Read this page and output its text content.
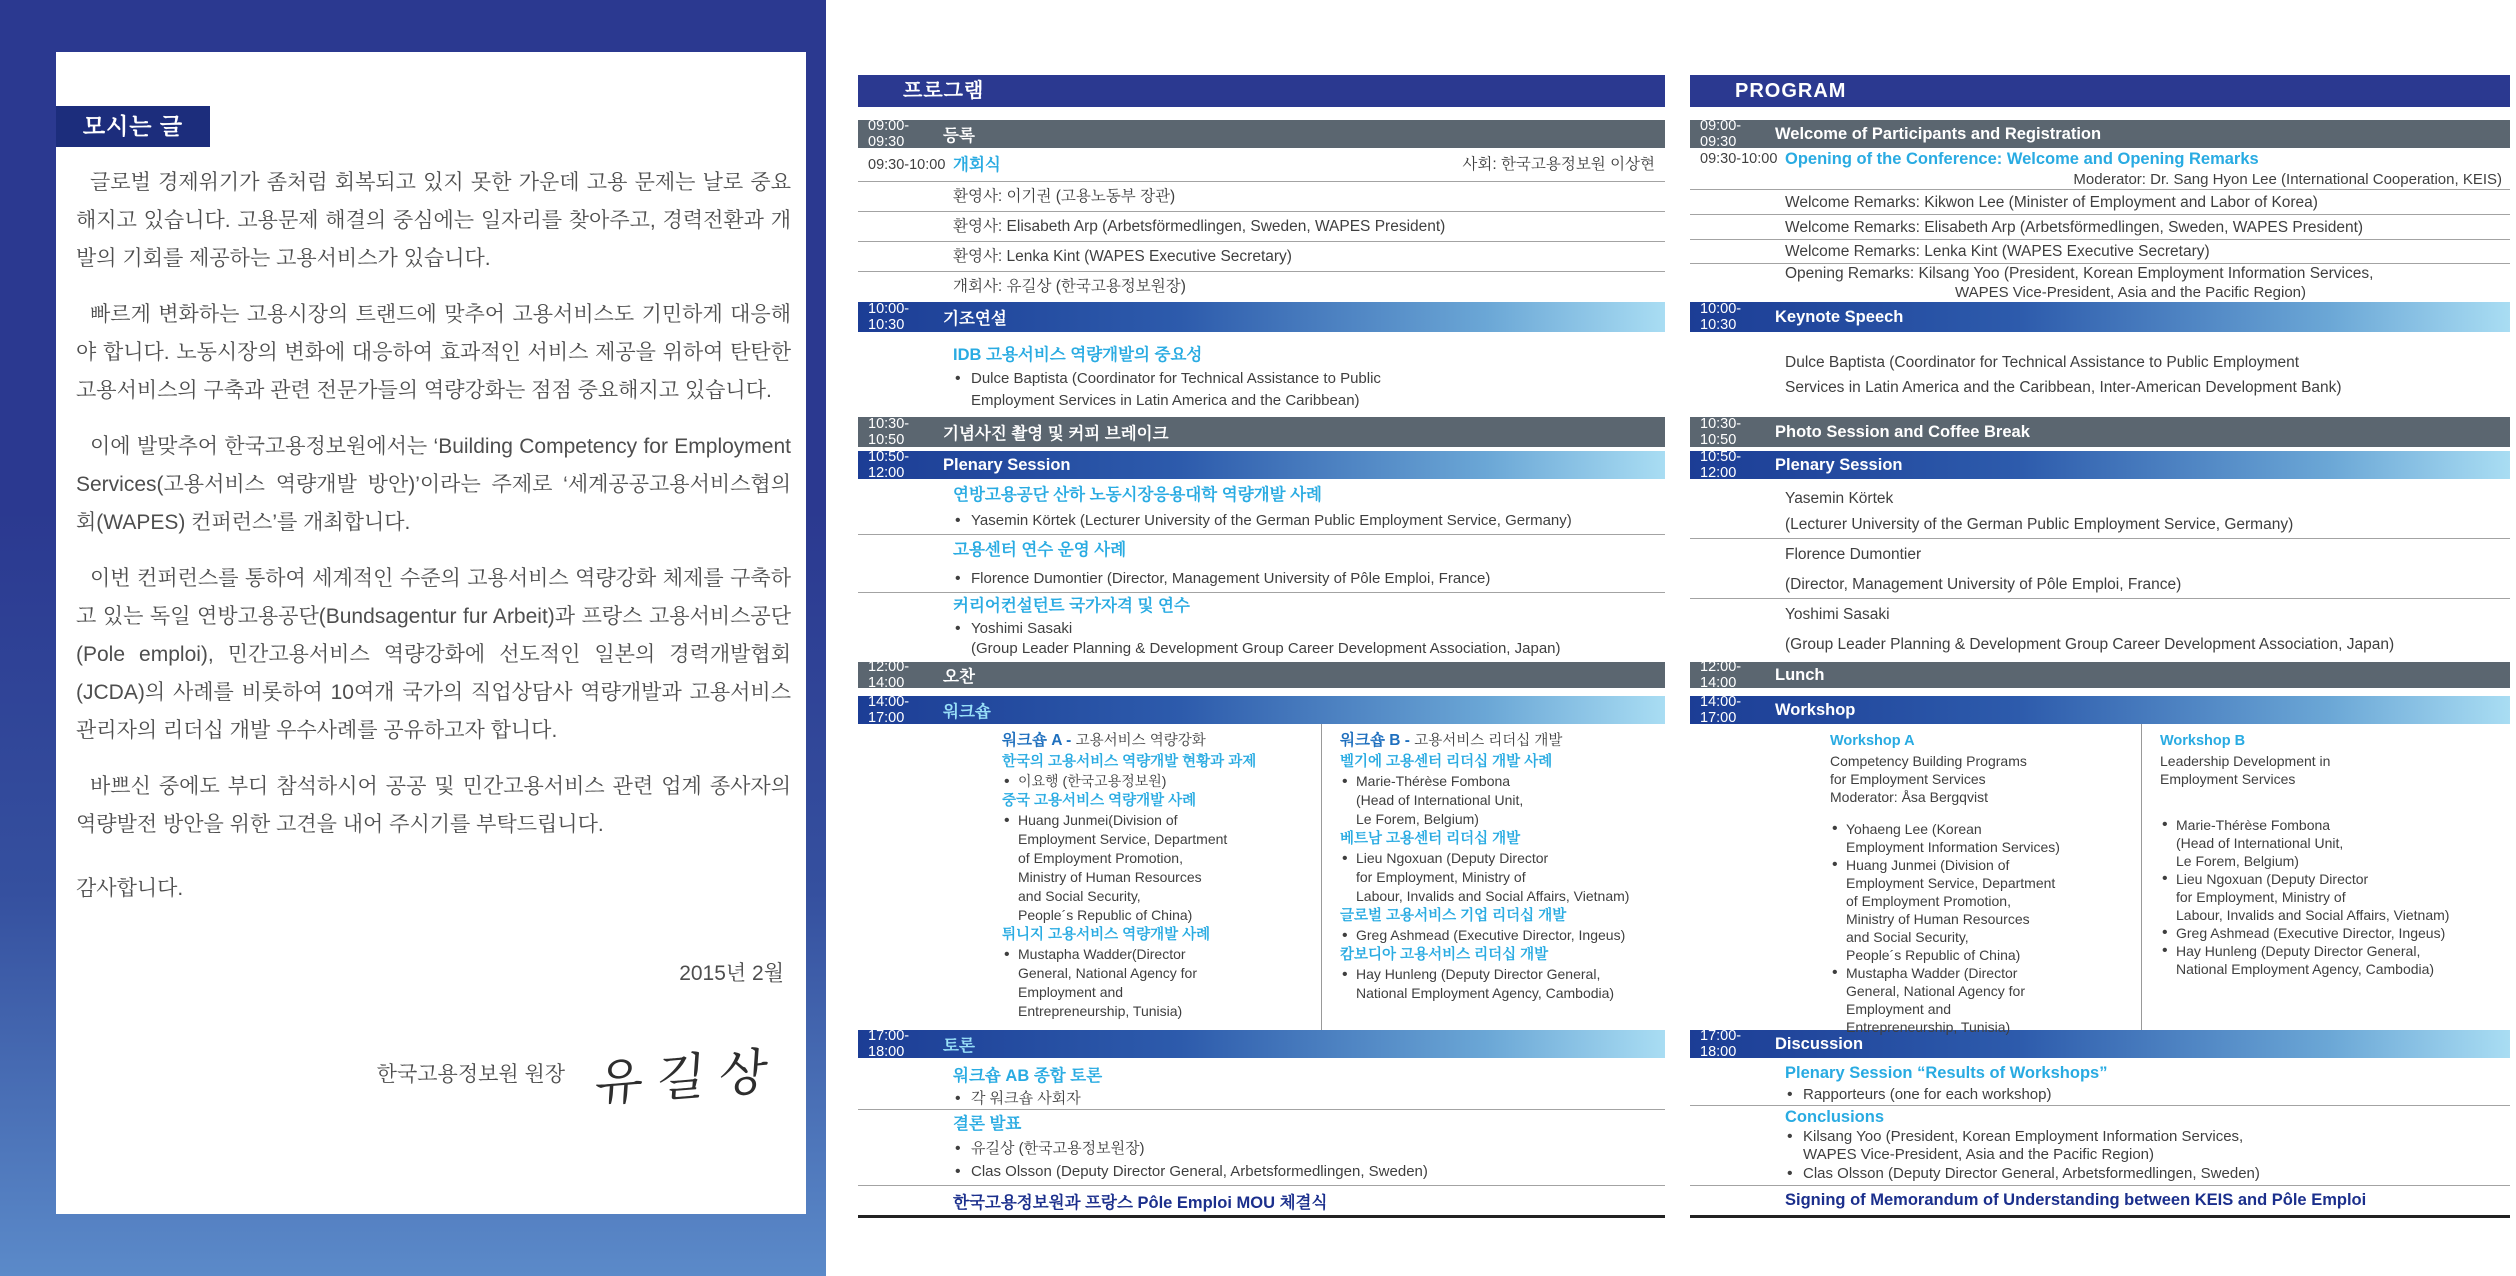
모시는 글

글로벌 경제위기가 좀처럼 회복되고 있지 못한 가운데 고용 문제는 날로 중요해지고 있습니다. 고용문제 해결의 중심에는 일자리를 찾아주고, 경력전환과 개발의 기회를 제공하는 고용서비스가 있습니다.

빠르게 변화하는 고용시장의 트랜드에 맞추어 고용서비스도 기민하게 대응해야 합니다. 노동시장의 변화에 대응하여 효과적인 서비스 제공을 위하여 탄탄한 고용서비스의 구축과 관련 전문가들의 역량강화는 점점 중요해지고 있습니다.

이에 발맞추어 한국고용정보원에서는 ‘Building Competency for Employment Services(고용서비스 역량개발 방안)’이라는 주제로 ‘세계공공고용서비스협의회(WAPES) 컨퍼런스’를 개최합니다.

이번 컨퍼런스를 통하여 세계적인 수준의 고용서비스 역량강화 체제를 구축하고 있는 독일 연방고용공단(Bundsagentur fur Arbeit)과 프랑스 고용서비스공단(Pole emploi), 민간고용서비스 역량강화에 선도적인 일본의 경력개발협회(JCDA)의 사례를 비롯하여 10여개 국가의 직업상담사 역량개발과 고용서비스 관리자의 리더십 개발 우수사례를 공유하고자 합니다.

바쁘신 중에도 부디 참석하시어 공공 및 민간고용서비스 관련 업계 종사자의 역량발전 방안을 위한 고견을 내어 주시기를 부탁드립니다.

감사합니다.

2015년 2월
한국고용정보원 원장 유길상
프로그램
09:00-09:30	등록
09:30-10:00 개회식	사회: 한국고용정보원 이상현
환영사: 이기권 (고용노동부 장관)
환영사: Elisabeth Arp (Arbetsförmedlingen, Sweden, WAPES President)
환영사: Lenka Kint (WAPES Executive Secretary)
개회사: 유길상 (한국고용정보원장)
10:00-10:30	기조연설
IDB 고용서비스 역량개발의 중요성
• Dulce Baptista (Coordinator for Technical Assistance to Public
Employment Services in Latin America and the Caribbean)
10:30-10:50	기념사진 촬영 및 커피 브레이크
10:50-12:00	Plenary Session
연방고용공단 산하 노동시장응용대학 역량개발 사례
• Yasemin Körtek (Lecturer University of the German Public Employment Service, Germany)
고용센터 연수 운영 사례
• Florence Dumontier (Director, Management University of Pôle Emploi, France)
커리어컨설턴트 국가자격 및 연수
• Yoshimi Sasaki
(Group Leader Planning & Development Group Career Development Association, Japan)
12:00-14:00	오찬
14:00-17:00	워크숍
워크숍 A - 고용서비스 역량강화
한국의 고용서비스 역량개발 현황과 과제
• 이요행 (한국고용정보원)
중국 고용서비스 역량개발 사례
• Huang Junmei(Division of
Employment Service, Department
of Employment Promotion,
Ministry of Human Resources
and Social Security,
People´s Republic of China)
튀니지 고용서비스 역량개발 사례
• Mustapha Wadder(Director
General, National Agency for
Employment and
Entrepreneurship, Tunisia)
워크숍 B - 고용서비스 리더십 개발
벨기에 고용센터 리더십 개발 사례
• Marie-Thérèse Fombona
(Head of International Unit,
Le Forem, Belgium)
베트남 고용센터 리더십 개발
• Lieu Ngoxuan (Deputy Director
for Employment, Ministry of
Labour, Invalids and Social Affairs, Vietnam)
글로벌 고용서비스 기업 리더십 개발
• Greg Ashmead (Executive Director, Ingeus)
캄보디아 고용서비스 리더십 개발
• Hay Hunleng (Deputy Director General,
National Employment Agency, Cambodia)
17:00-18:00	토론
워크숍 AB 종합 토론
• 각 워크숍 사회자
결론 발표
• 유길상 (한국고용정보원장)
• Clas Olsson (Deputy Director General, Arbetsformedlingen, Sweden)
한국고용정보원과 프랑스 Pôle Emploi MOU 체결식
PROGRAM
09:00-09:30	Welcome of Participants and Registration
09:30-10:00 Opening of the Conference: Welcome and Opening Remarks
Moderator: Dr. Sang Hyon Lee (International Cooperation, KEIS)
Welcome Remarks: Kikwon Lee (Minister of Employment and Labor of Korea)
Welcome Remarks: Elisabeth Arp (Arbetsförmedlingen, Sweden, WAPES President)
Welcome Remarks: Lenka Kint (WAPES Executive Secretary)
Opening Remarks: Kilsang Yoo (President, Korean Employment Information Services,
WAPES Vice-President, Asia and the Pacific Region)
10:00-10:30	Keynote Speech
Dulce Baptista (Coordinator for Technical Assistance to Public Employment
Services in Latin America and the Caribbean, Inter-American Development Bank)
10:30-10:50	Photo Session and Coffee Break
10:50-12:00	Plenary Session
Yasemin Körtek
(Lecturer University of the German Public Employment Service, Germany)
Florence Dumontier
(Director, Management University of Pôle Emploi, France)
Yoshimi Sasaki
(Group Leader Planning & Development Group Career Development Association, Japan)
12:00-14:00	Lunch
14:00-17:00	Workshop
Workshop A
Competency Building Programs
for Employment Services
Moderator: Åsa Bergqvist
• Yohaeng Lee (Korean
Employment Information Services)
• Huang Junmei (Division of
Employment Service, Department
of Employment Promotion,
Ministry of Human Resources
and Social Security,
People´s Republic of China)
• Mustapha Wadder (Director
General, National Agency for
Employment and
Entrepreneurship, Tunisia)
Workshop B
Leadership Development in
Employment Services
• Marie-Thérèse Fombona
(Head of International Unit,
Le Forem, Belgium)
• Lieu Ngoxuan (Deputy Director
for Employment, Ministry of
Labour, Invalids and Social Affairs, Vietnam)
• Greg Ashmead (Executive Director, Ingeus)
• Hay Hunleng (Deputy Director General,
National Employment Agency, Cambodia)
17:00-18:00	Discussion
Plenary Session “Results of Workshops”
• Rapporteurs (one for each workshop)
Conclusions
• Kilsang Yoo (President, Korean Employment Information Services,
WAPES Vice-President, Asia and the Pacific Region)
• Clas Olsson (Deputy Director General, Arbetsformedlingen, Sweden)
Signing of Memorandum of Understanding between KEIS and Pôle Emploi
